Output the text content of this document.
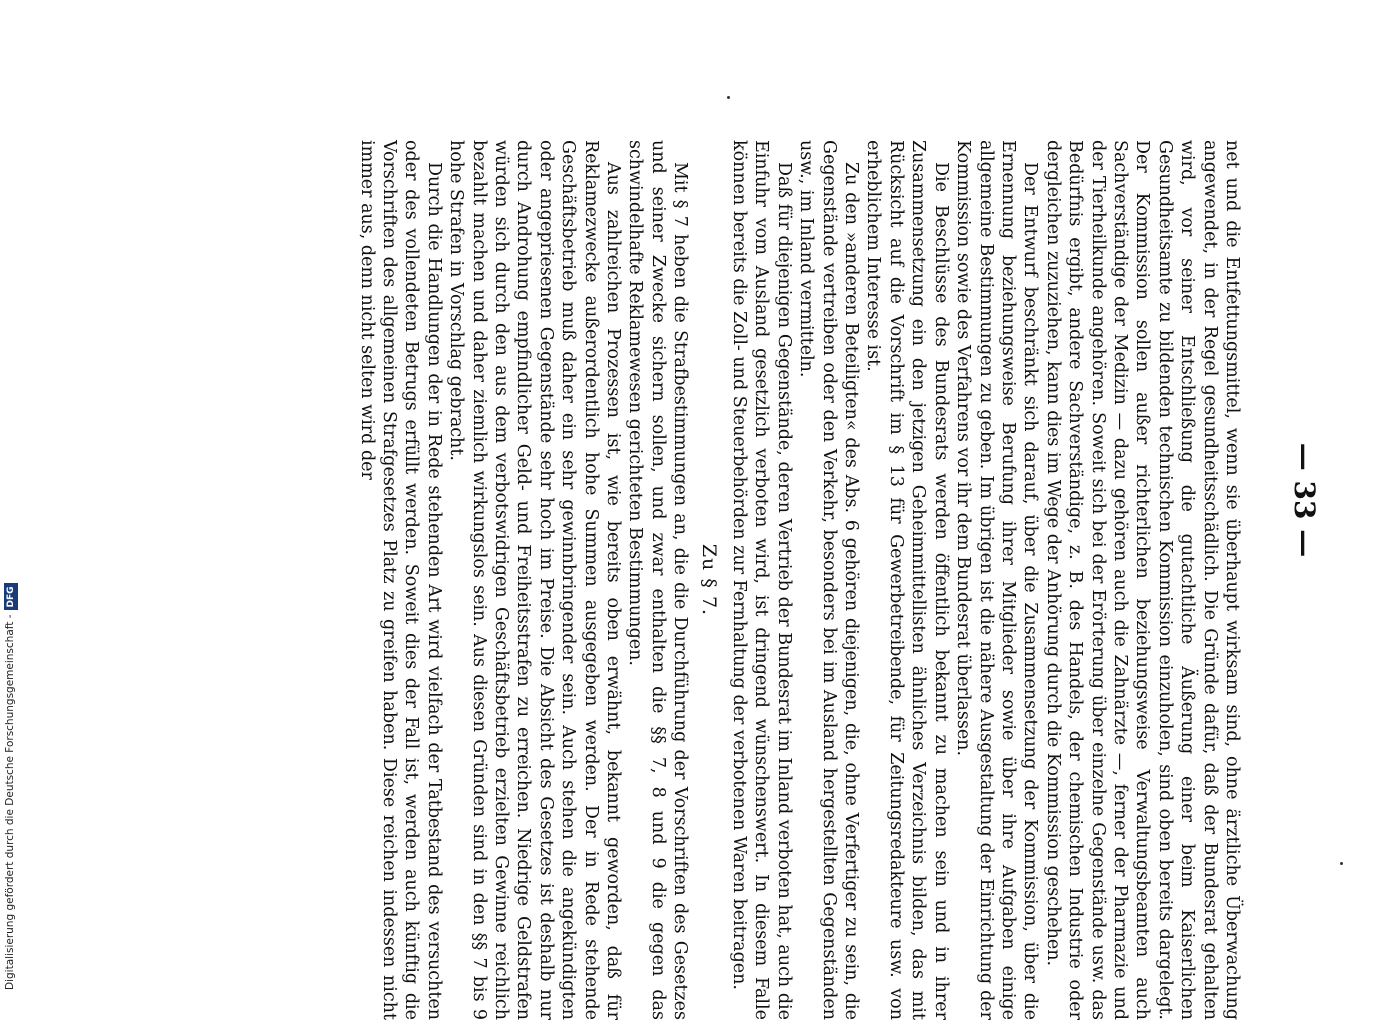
— 33 —

net und die Entfettungsmittel, wenn sie überhaupt wirksam sind, ohne ärztliche Überwachung angewendet, in der Regel gesundheitsschädlich. Die Gründe dafür, daß der Bundesrat gehalten wird, vor seiner Entschließung die gutachtliche Äußerung einer beim Kaiserlichen Gesundheitsamte zu bildenden technischen Kommission einzuholen, sind oben bereits dargelegt. Der Kommission sollen außer richterlichen beziehungsweise Verwaltungsbeamten auch Sachverständige der Medizin — dazu gehören auch die Zahnärzte —, ferner der Pharmazie und der Tierheilkunde angehören. Soweit sich bei der Erörterung über einzelne Gegenstände usw. das Bedürfnis ergibt, andere Sachverständige, z. B. des Handels, der chemischen Industrie oder dergleichen zuzuziehen, kann dies im Wege der Anhörung durch die Kommission geschehen.

Der Entwurf beschränkt sich darauf, über die Zusammensetzung der Kommission, über die Ernennung beziehungsweise Berufung ihrer Mitglieder sowie über ihre Aufgaben einige allgemeine Bestimmungen zu geben. Im übrigen ist die nähere Ausgestaltung der Einrichtung der Kommission sowie des Verfahrens vor ihr dem Bundesrat überlassen.

Die Beschlüsse des Bundesrats werden öffentlich bekannt zu machen sein und in ihrer Zusammensetzung ein den jetzigen Geheimmittellisten ähnliches Verzeichnis bilden, das mit Rücksicht auf die Vorschrift im § 13 für Gewerbetreibende, für Zeitungsredakteure usw. von erheblichem Interesse ist.

Zu den »anderen Beteiligten« des Abs. 6 gehören diejenigen, die, ohne Verfertiger zu sein, die Gegenstände vertreiben oder den Verkehr, besonders bei im Ausland hergestellten Gegenständen usw., im Inland vermitteln.

Daß für diejenigen Gegenstände, deren Vertrieb der Bundesrat im Inland verboten hat, auch die Einfuhr vom Ausland gesetzlich verboten wird, ist dringend wünschenswert. In diesem Falle können bereits die Zoll- und Steuerbehörden zur Fernhaltung der verbotenen Waren beitragen.

Zu § 7.

Mit § 7 heben die Strafbestimmungen an, die die Durchführung der Vorschriften des Gesetzes und seiner Zwecke sichern sollen, und zwar enthalten die §§ 7, 8 und 9 die gegen das schwindelhafte Reklamewesen gerichteten Bestimmungen.

Aus zahlreichen Prozessen ist, wie bereits oben erwähnt, bekannt geworden, daß für Reklamezwecke außerordentlich hohe Summen ausgegeben werden. Der in Rede stehende Geschäftsbetrieb muß daher ein sehr gewinnbringender sein. Auch stehen die angekündigten oder angepriesenen Gegenstände sehr hoch im Preise. Die Absicht des Gesetzes ist deshalb nur durch Androhung empfindlicher Geld- und Freiheitsstrafen zu erreichen. Niedrige Geldstrafen würden sich durch den aus dem verbotswidrigen Geschäftsbetrieb erzielten Gewinne reichlich bezahlt machen und daher ziemlich wirkungslos sein. Aus diesen Gründen sind in den §§ 7 bis 9 hohe Strafen in Vorschlag gebracht.

Durch die Handlungen der in Rede stehenden Art wird vielfach der Tatbestand des versuchten oder des vollendeten Betrugs erfüllt werden. Soweit dies der Fall ist, werden auch künftig die Vorschriften des allgemeinen Strafgesetzes Platz zu greifen haben. Diese reichen indessen nicht immer aus, denn nicht selten wird der

Digitalisierung gefördert durch die Deutsche Forschungsgemeinschaft -DFG
